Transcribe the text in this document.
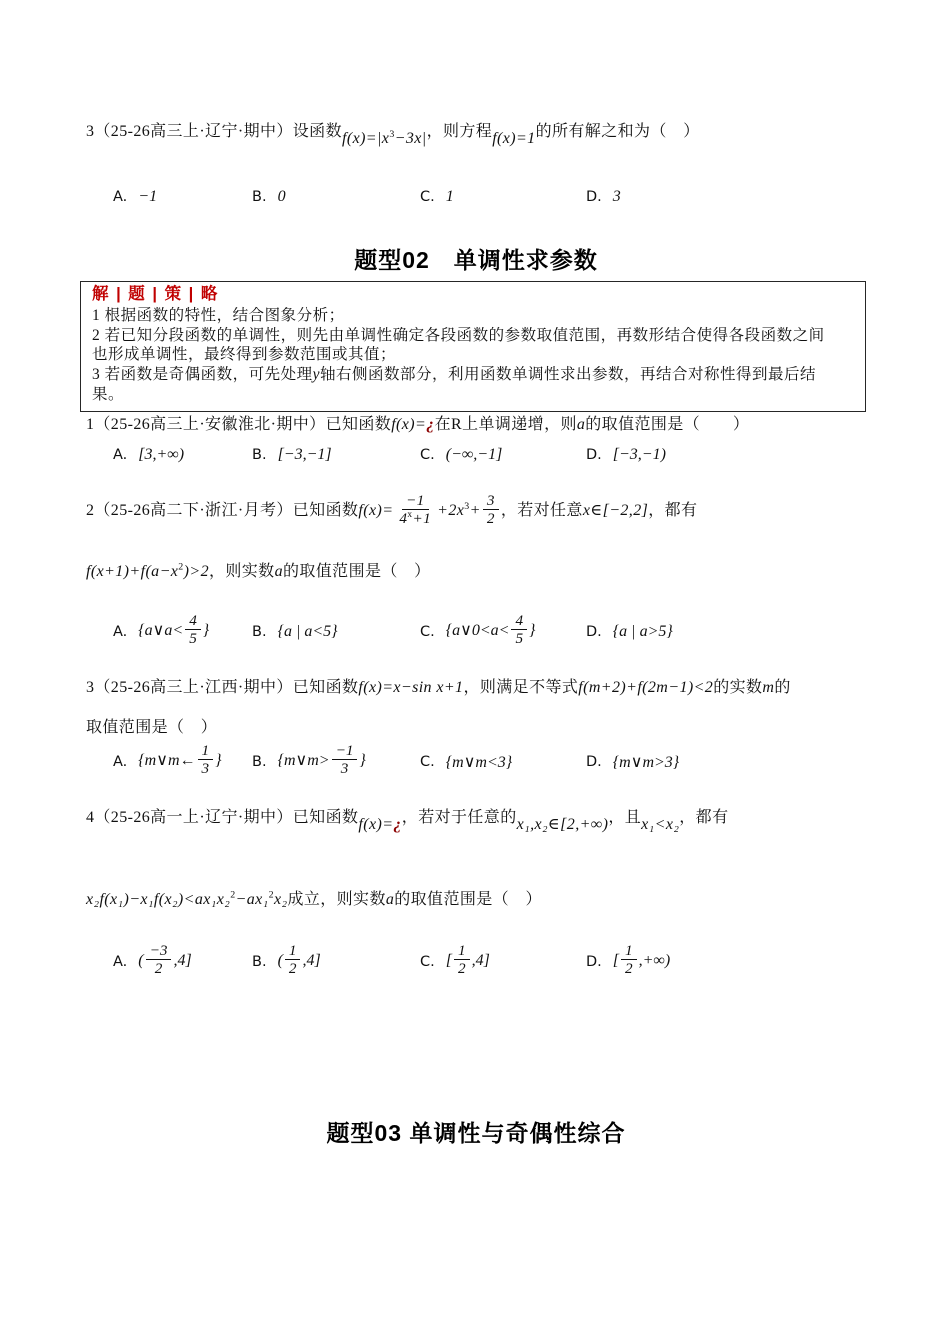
3（25-26高三上·辽宁·期中）设函数$f(x)=|x^3-3x|$，则方程f(x)=1的所有解之和为（　）
A. −1	B. 0	C. 1	D. 3
题型02　单调性求参数
解 | 题 | 策 | 略
1 根据函数的特性，结合图象分析；
2 若已知分段函数的单调性，则先由单调性确定各段函数的参数取值范围，再数形结合使得各段函数之间也形成单调性，最终得到参数范围或其值；
3 若函数是奇偶函数，可先处理y轴右侧函数部分，利用函数单调性求出参数，再结合对称性得到最后结果。
1（25-26高三上·安徽淮北·期中）已知函数f(x)=¿在R上单调递增，则a的取值范围是（　　）
A. [3,+∞)	B. [−3,−1]	C. (−∞,−1]	D. [−3,−1)
2（25-26高二下·浙江·月考）已知函数$f(x)= \frac{-1}{4^x+1} +2x^3+ \frac{3}{2}$ ，若对任意x∈[−2,2]，都有
$f(x+1)+f(a-x^2)>2$，则实数a的取值范围是（　）
A. {a∨a< $\frac{4}{5}$ }	B. {a | a<5}	C. {a∨0<a< $\frac{4}{5}$ }	D. {a | a>5}
3（25-26高三上·江西·期中）已知函数f(x)=x−sin x+1，则满足不等式f(m+2)+f(2m−1)<2的实数m的
取值范围是（　）
A. {m∨m← $\frac{1}{3}$ } B. {m∨m> $\frac{-1}{3}$ }	C. {m∨m<3}	D. {m∨m>3}
4（25-26高一上·辽宁·期中）已知函数f(x)=¿，若对于任意的x₁,x₂∈[2,+∞)，且x₁<x₂，都有
x₂f(x₁)−x₁f(x₂)<ax₁x₂$^2$−ax₁$^2$x₂成立，则实数a的取值范围是（　）
A. ( $\frac{-3}{2} ,4$]	B. ( $\frac{1}{2} ,4$]	C. [ $\frac{1}{2} ,4$]	D. [ $\frac{1}{2}$ ,+∞)
题型03 单调性与奇偶性综合
